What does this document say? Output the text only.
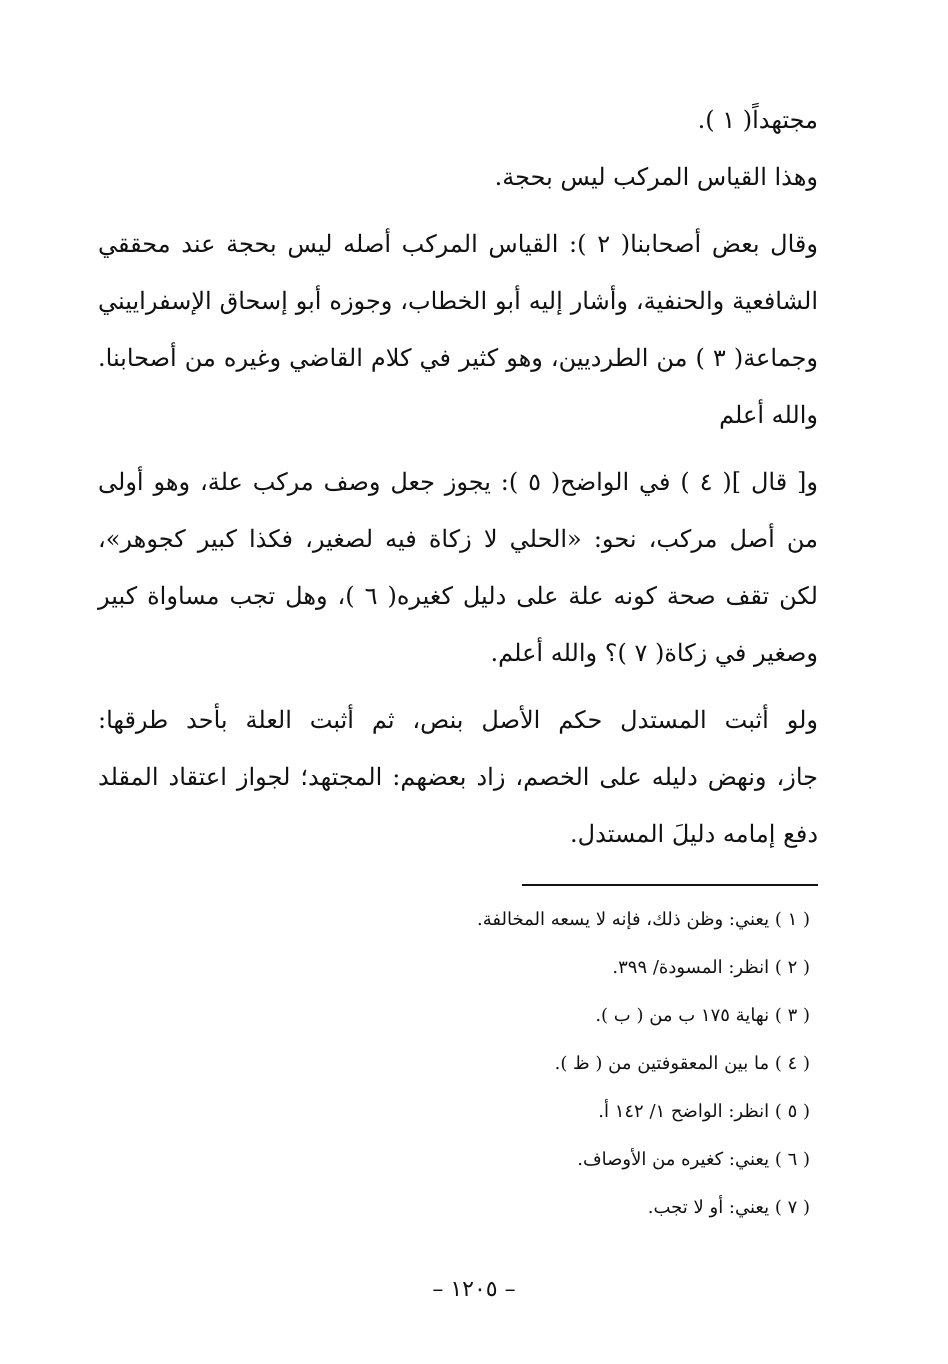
مجتهداً( ١ ).
وهذا القياس المركب ليس بحجة.
وقال بعض أصحابنا( ٢ ): القياس المركب أصله ليس بحجة عند محققي
الشافعية والحنفية، وأشار إليه أبو الخطاب، وجوزه أبو إسحاق الإسفراييني
وجماعة( ٣ ) من الطرديين، وهو كثير في كلام القاضي وغيره من أصحابنا.
والله أعلم
و[ قال ]( ٤ ) في الواضح( ٥ ): يجوز جعل وصف مركب علة، وهو أولى
من أصل مركب، نحو: «الحلي لا زكاة فيه لصغير، فكذا كبير كجوهر»،
لكن تقف صحة كونه علة على دليل كغيره( ٦ )، وهل تجب مساواة كبير
وصغير في زكاة( ٧ )؟ والله أعلم.
ولو أثبت المستدل حكم الأصل بنص، ثم أثبت العلة بأحد طرقها:
جاز، ونهض دليله على الخصم، زاد بعضهم: المجتهد؛ لجواز اعتقاد المقلد
دفع إمامه دليلَ المستدل.
( ١ ) يعني: وظن ذلك، فإنه لا يسعه المخالفة.
( ٢ ) انظر: المسودة/ ٣٩٩.
( ٣ ) نهاية ١٧٥ ب من ( ب ).
( ٤ ) ما بين المعقوفتين من ( ظ ).
( ٥ ) انظر: الواضح ١/ ١٤٢ أ.
( ٦ ) يعني: كغيره من الأوصاف.
( ٧ ) يعني: أو لا تجب.
– ١٢٠٥ –
